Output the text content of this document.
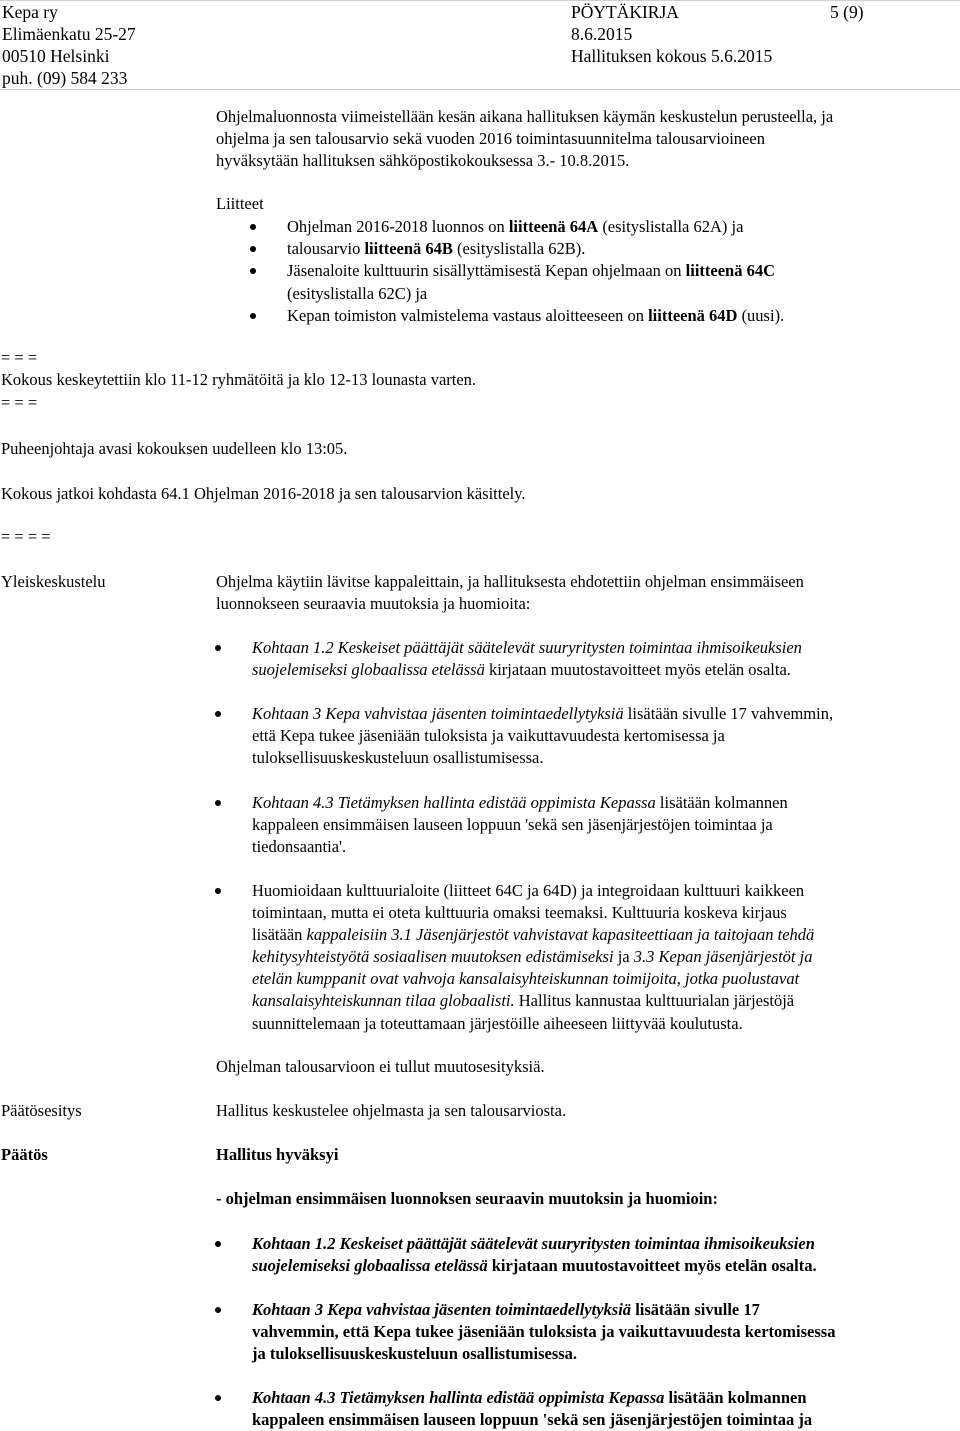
Kepa ry
Elimäenkatu 25-27
00510 Helsinki
puh. (09) 584 233
PÖYTÄKIRJA
8.6.2015
Hallituksen kokous 5.6.2015
5 (9)
Ohjelmaluonnosta viimeistellään kesän aikana hallituksen käymän keskustelun perusteella, ja
ohjelma ja sen talousarvio sekä vuoden 2016 toimintasuunnitelma talousarvioineen
hyväksytään hallituksen sähköpostikokouksessa 3.- 10.8.2015.
Liitteet
Ohjelman 2016-2018 luonnos on liitteenä 64A (esityslistalla 62A) ja
talousarvio liitteenä 64B (esityslistalla 62B).
Jäsenaloite kulttuurin sisällyttämisestä Kepan ohjelmaan on liitteenä 64C
(esityslistalla 62C) ja
Kepan toimiston valmistelema vastaus aloitteeseen on liitteenä 64D (uusi).
= = =
Kokous keskeytettiin klo 11-12 ryhmätöitä ja klo 12-13 lounasta varten.
= = =
Puheenjohtaja avasi kokouksen uudelleen klo 13:05.
Kokous jatkoi kohdasta 64.1 Ohjelman 2016-2018 ja sen talousarvion käsittely.
= = = =
Yleiskeskustelu	Ohjelma käytiin lävitse kappaleittain, ja hallituksesta ehdotettiin ohjelman ensimmäiseen
luonnokseen seuraavia muutoksia ja huomioita:
Kohtaan 1.2 Keskeiset päättäjät säätelevät suuryritysten toimintaa ihmisoikeuksien
suojelemiseksi globaalissa etelässä kirjataan muutostavoitteet myös etelän osalta.
Kohtaan 3 Kepa vahvistaa jäsenten toimintaedellytyksiä lisätään sivulle 17 vahvemmin,
että Kepa tukee jäseniään tuloksista ja vaikuttavuudesta kertomisessa ja
tuloksellisuuskeskusteluun osallistumisessa.
Kohtaan 4.3 Tietämyksen hallinta edistää oppimista Kepassa lisätään kolmannen
kappaleen ensimmäisen lauseen loppuun 'sekä sen jäsenjärjestöjen toimintaa ja
tiedonsaantia'.
Huomioidaan kulttuurialoite (liitteet 64C ja 64D) ja integroidaan kulttuuri kaikkeen
toimintaan, mutta ei oteta kulttuuria omaksi teemaksi. Kulttuuria koskeva kirjaus
lisätään kappaleisiin 3.1 Jäsenjärjestöt vahvistavat kapasiteettiaan ja taitojaan tehdä
kehitysyhteistyötä sosiaalisen muutoksen edistämiseksi ja 3.3 Kepan jäsenjärjestöt ja
etelän kumppanit ovat vahvoja kansalaisyhteiskunnan toimijoita, jotka puolustavat
kansalaisyhteiskunnan tilaa globaalisti. Hallitus kannustaa kulttuurialan järjestöjä
suunnittelemaan ja toteuttamaan järjestöille aiheeseen liittyvää koulutusta.
Ohjelman talousarvioon ei tullut muutosesityksiä.
Päätösesitys	Hallitus keskustelee ohjelmasta ja sen talousarviosta.
Päätös	Hallitus hyväksyi
- ohjelman ensimmäisen luonnoksen seuraavin muutoksin ja huomioin:
Kohtaan 1.2 Keskeiset päättäjät säätelevät suuryritysten toimintaa ihmisoikeuksien
suojelemiseksi globaalissa etelässä kirjataan muutostavoitteet myös etelän osalta.
Kohtaan 3 Kepa vahvistaa jäsenten toimintaedellytyksiä lisätään sivulle 17
vahvemmin, että Kepa tukee jäseniään tuloksista ja vaikuttavuudesta kertomisessa
ja tuloksellisuuskeskusteluun osallistumisessa.
Kohtaan 4.3 Tietämyksen hallinta edistää oppimista Kepassa lisätään kolmannen
kappaleen ensimmäisen lauseen loppuun 'sekä sen jäsenjärjestöjen toimintaa ja
